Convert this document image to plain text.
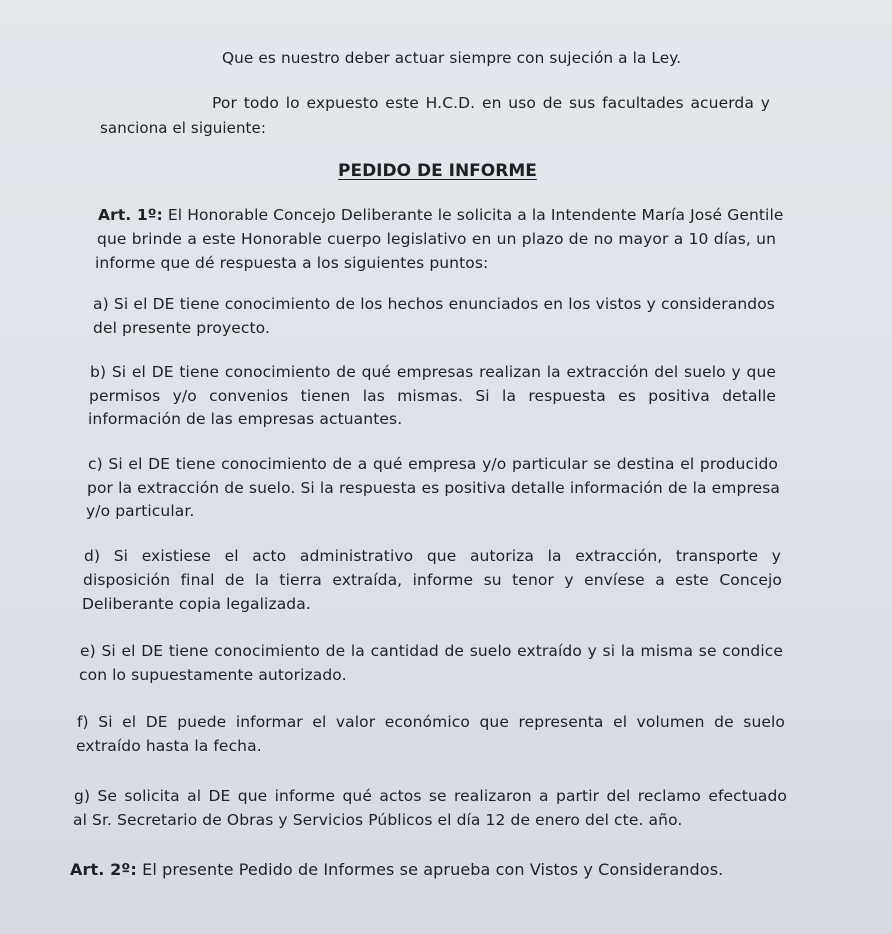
Que es nuestro deber actuar siempre con sujeción a la Ley.
Por todo lo expuesto este H.C.D. en uso de sus facultades acuerda y
sanciona el siguiente:
PEDIDO DE INFORME
Art. 1º: El Honorable Concejo Deliberante le solicita a la Intendente María José Gentile
que brinde a este Honorable cuerpo legislativo en un plazo de no mayor a 10 días, un
informe que dé respuesta a los siguientes puntos:
a) Si el DE tiene conocimiento de los hechos enunciados en los vistos y considerandos
del presente proyecto.
b) Si el DE tiene conocimiento de qué empresas realizan la extracción del suelo y que
permisos y/o convenios tienen las mismas. Si la respuesta es positiva detalle
información de las empresas actuantes.
c) Si el DE tiene conocimiento de a qué empresa y/o particular se destina el producido
por la extracción de suelo. Si la respuesta es positiva detalle información de la empresa
y/o particular.
d) Si existiese el acto administrativo que autoriza la extracción, transporte y
disposición final de la tierra extraída, informe su tenor y envíese a este Concejo
Deliberante copia legalizada.
e) Si el DE tiene conocimiento de la cantidad de suelo extraído y si la misma se condice
con lo supuestamente autorizado.
f) Si el DE puede informar el valor económico que representa el volumen de suelo
extraído hasta la fecha.
g) Se solicita al DE que informe qué actos se realizaron a partir del reclamo efectuado
al Sr. Secretario de Obras y Servicios Públicos el día 12 de enero del cte. año.
Art. 2º: El presente Pedido de Informes se aprueba con Vistos y Considerandos.
